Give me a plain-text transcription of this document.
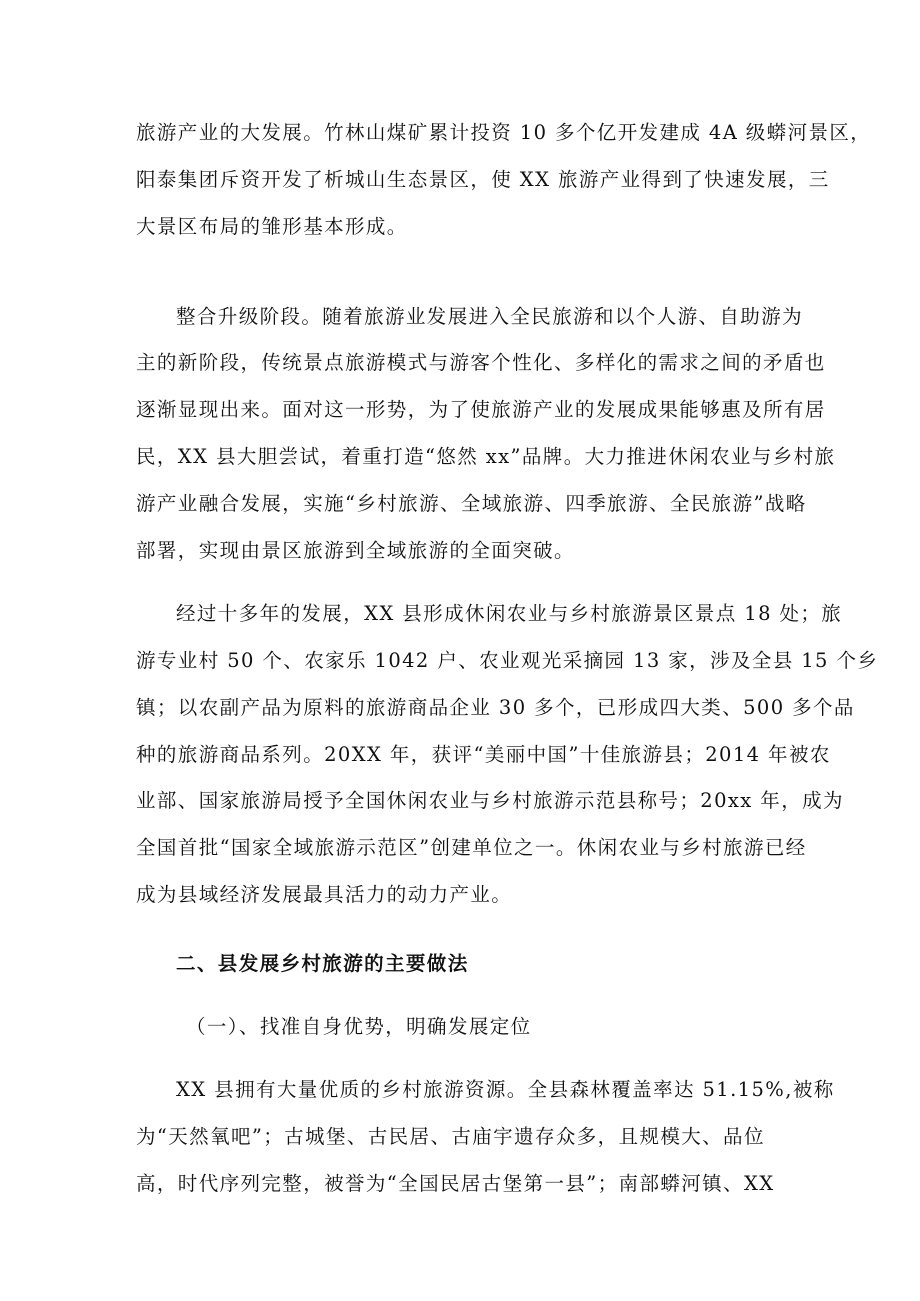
旅游产业的大发展。竹林山煤矿累计投资 10 多个亿开发建成 4A 级蟒河景区，
阳泰集团斥资开发了析城山生态景区，使 XX 旅游产业得到了快速发展，三
大景区布局的雏形基本形成。
整合升级阶段。随着旅游业发展进入全民旅游和以个人游、自助游为
主的新阶段，传统景点旅游模式与游客个性化、多样化的需求之间的矛盾也
逐渐显现出来。面对这一形势，为了使旅游产业的发展成果能够惠及所有居
民，XX 县大胆尝试，着重打造“悠然 xx”品牌。大力推进休闲农业与乡村旅
游产业融合发展，实施“乡村旅游、全域旅游、四季旅游、全民旅游”战略
部署，实现由景区旅游到全域旅游的全面突破。
经过十多年的发展，XX 县形成休闲农业与乡村旅游景区景点 18 处；旅
游专业村 50 个、农家乐 1042 户、农业观光采摘园 13 家，涉及全县 15 个乡
镇；以农副产品为原料的旅游商品企业 30 多个，已形成四大类、500 多个品
种的旅游商品系列。20XX 年，获评“美丽中国”十佳旅游县；2014 年被农
业部、国家旅游局授予全国休闲农业与乡村旅游示范县称号；20xx 年，成为
全国首批“国家全域旅游示范区”创建单位之一。休闲农业与乡村旅游已经
成为县域经济发展最具活力的动力产业。
二、县发展乡村旅游的主要做法
（一）、找准自身优势，明确发展定位
XX 县拥有大量优质的乡村旅游资源。全县森林覆盖率达 51.15%,被称
为“天然氧吧”；古城堡、古民居、古庙宇遗存众多，且规模大、品位
高，时代序列完整，被誉为“全国民居古堡第一县”；南部蟒河镇、XX
